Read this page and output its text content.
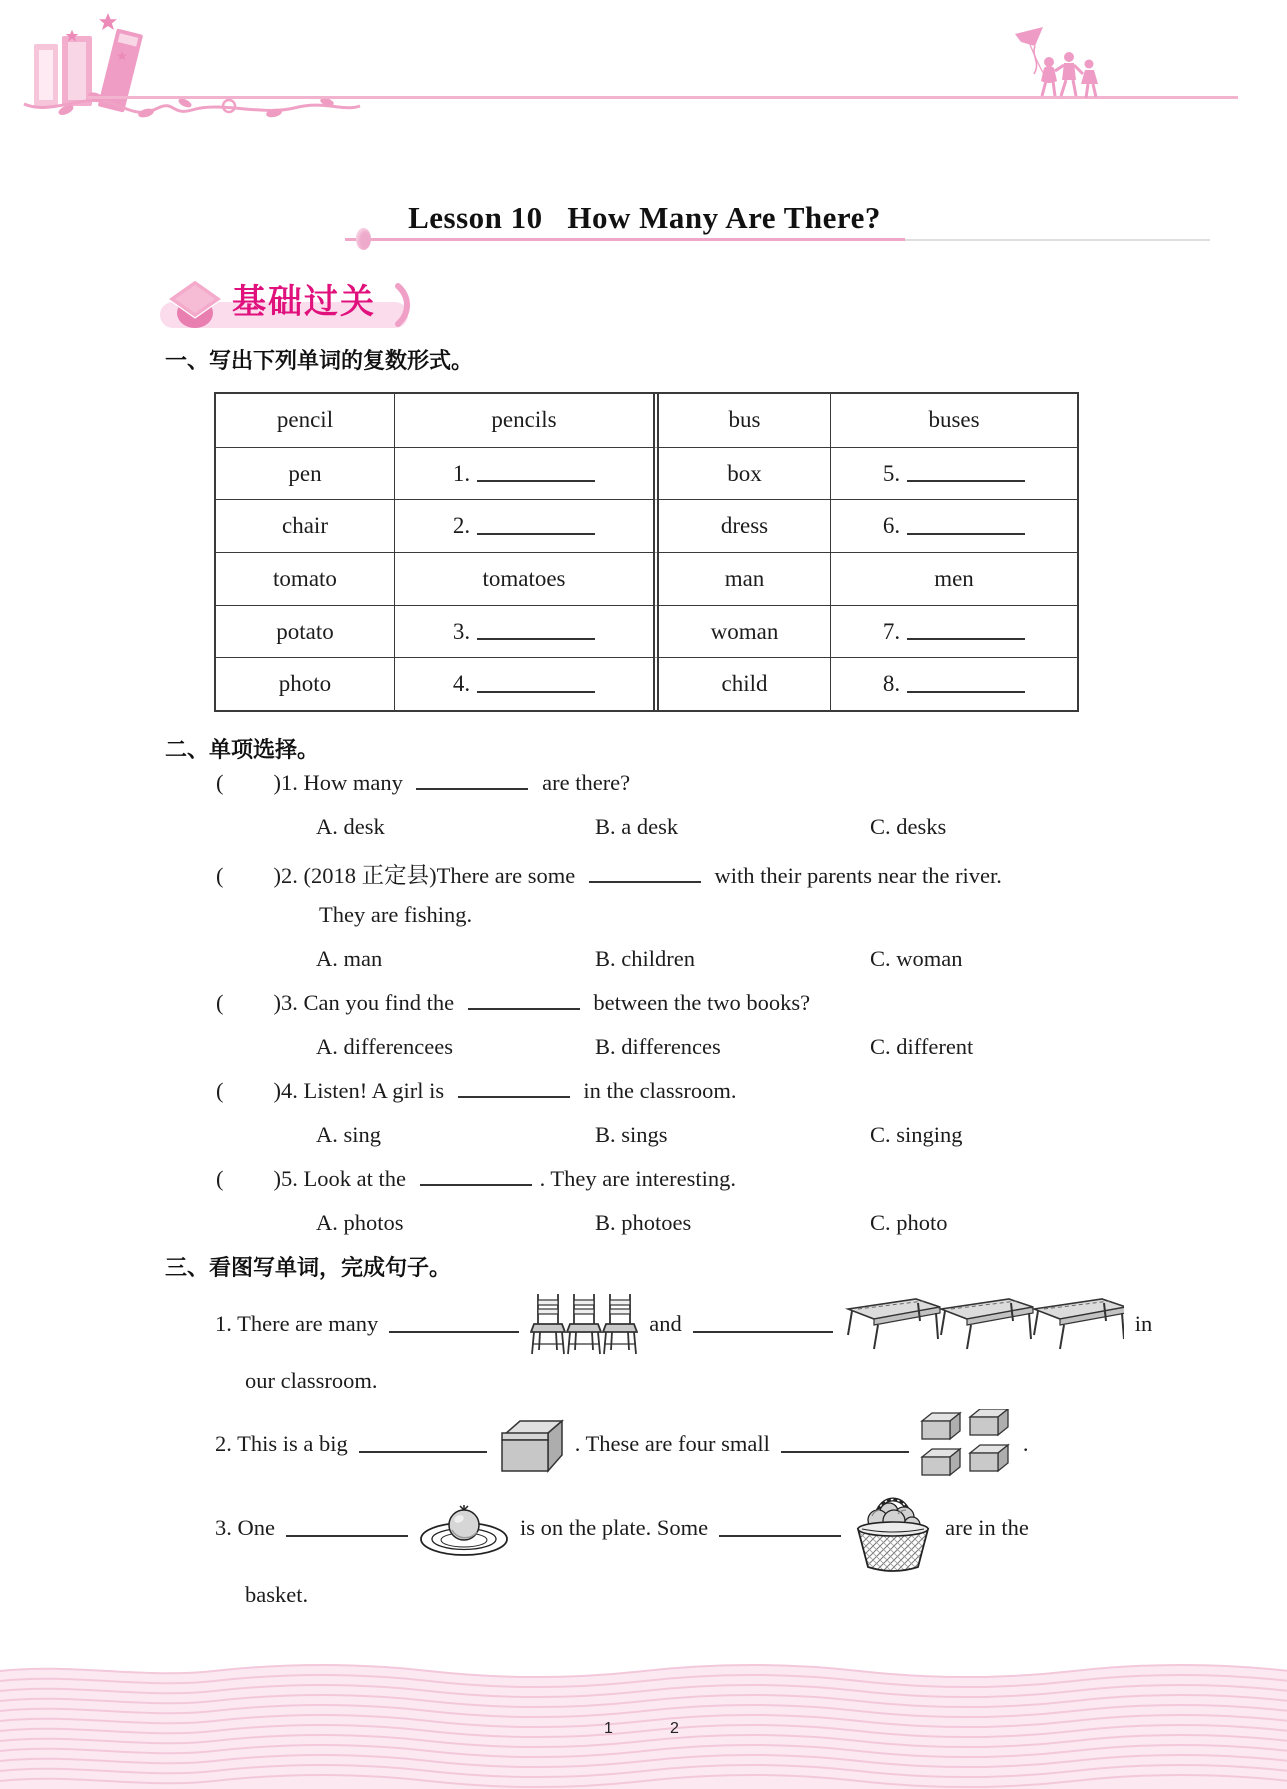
Lesson 10   How Many Are There?
基础过关
一、写出下列单词的复数形式。
pencil	pencils	bus	buses
pen	1.	box	5.
chair	2.	dress	6.
tomato	tomatoes	man	men
potato	3.	woman	7.
photo	4.	child	8.
二、单项选择。
( )1. How many	are there?
A. desk	B. a desk	C. desks
( )2. (2018 正定县)There are some	with their parents near the river.
They are fishing.
A. man	B. children	C. woman
( )3. Can you find the	between the two books?
A. differencees	B. differences	C. different
( )4. Listen! A girl is	in the classroom.
A. sing	B. sings	C. singing
( )5. Look at the	. They are interesting.
A. photos	B. photoes	C. photo
三、看图写单词，完成句子。
1. There are many	and	in
our classroom.
2. This is a big	. These are four small	.
3. One	is on the plate. Some	are in the
basket.
1	2
